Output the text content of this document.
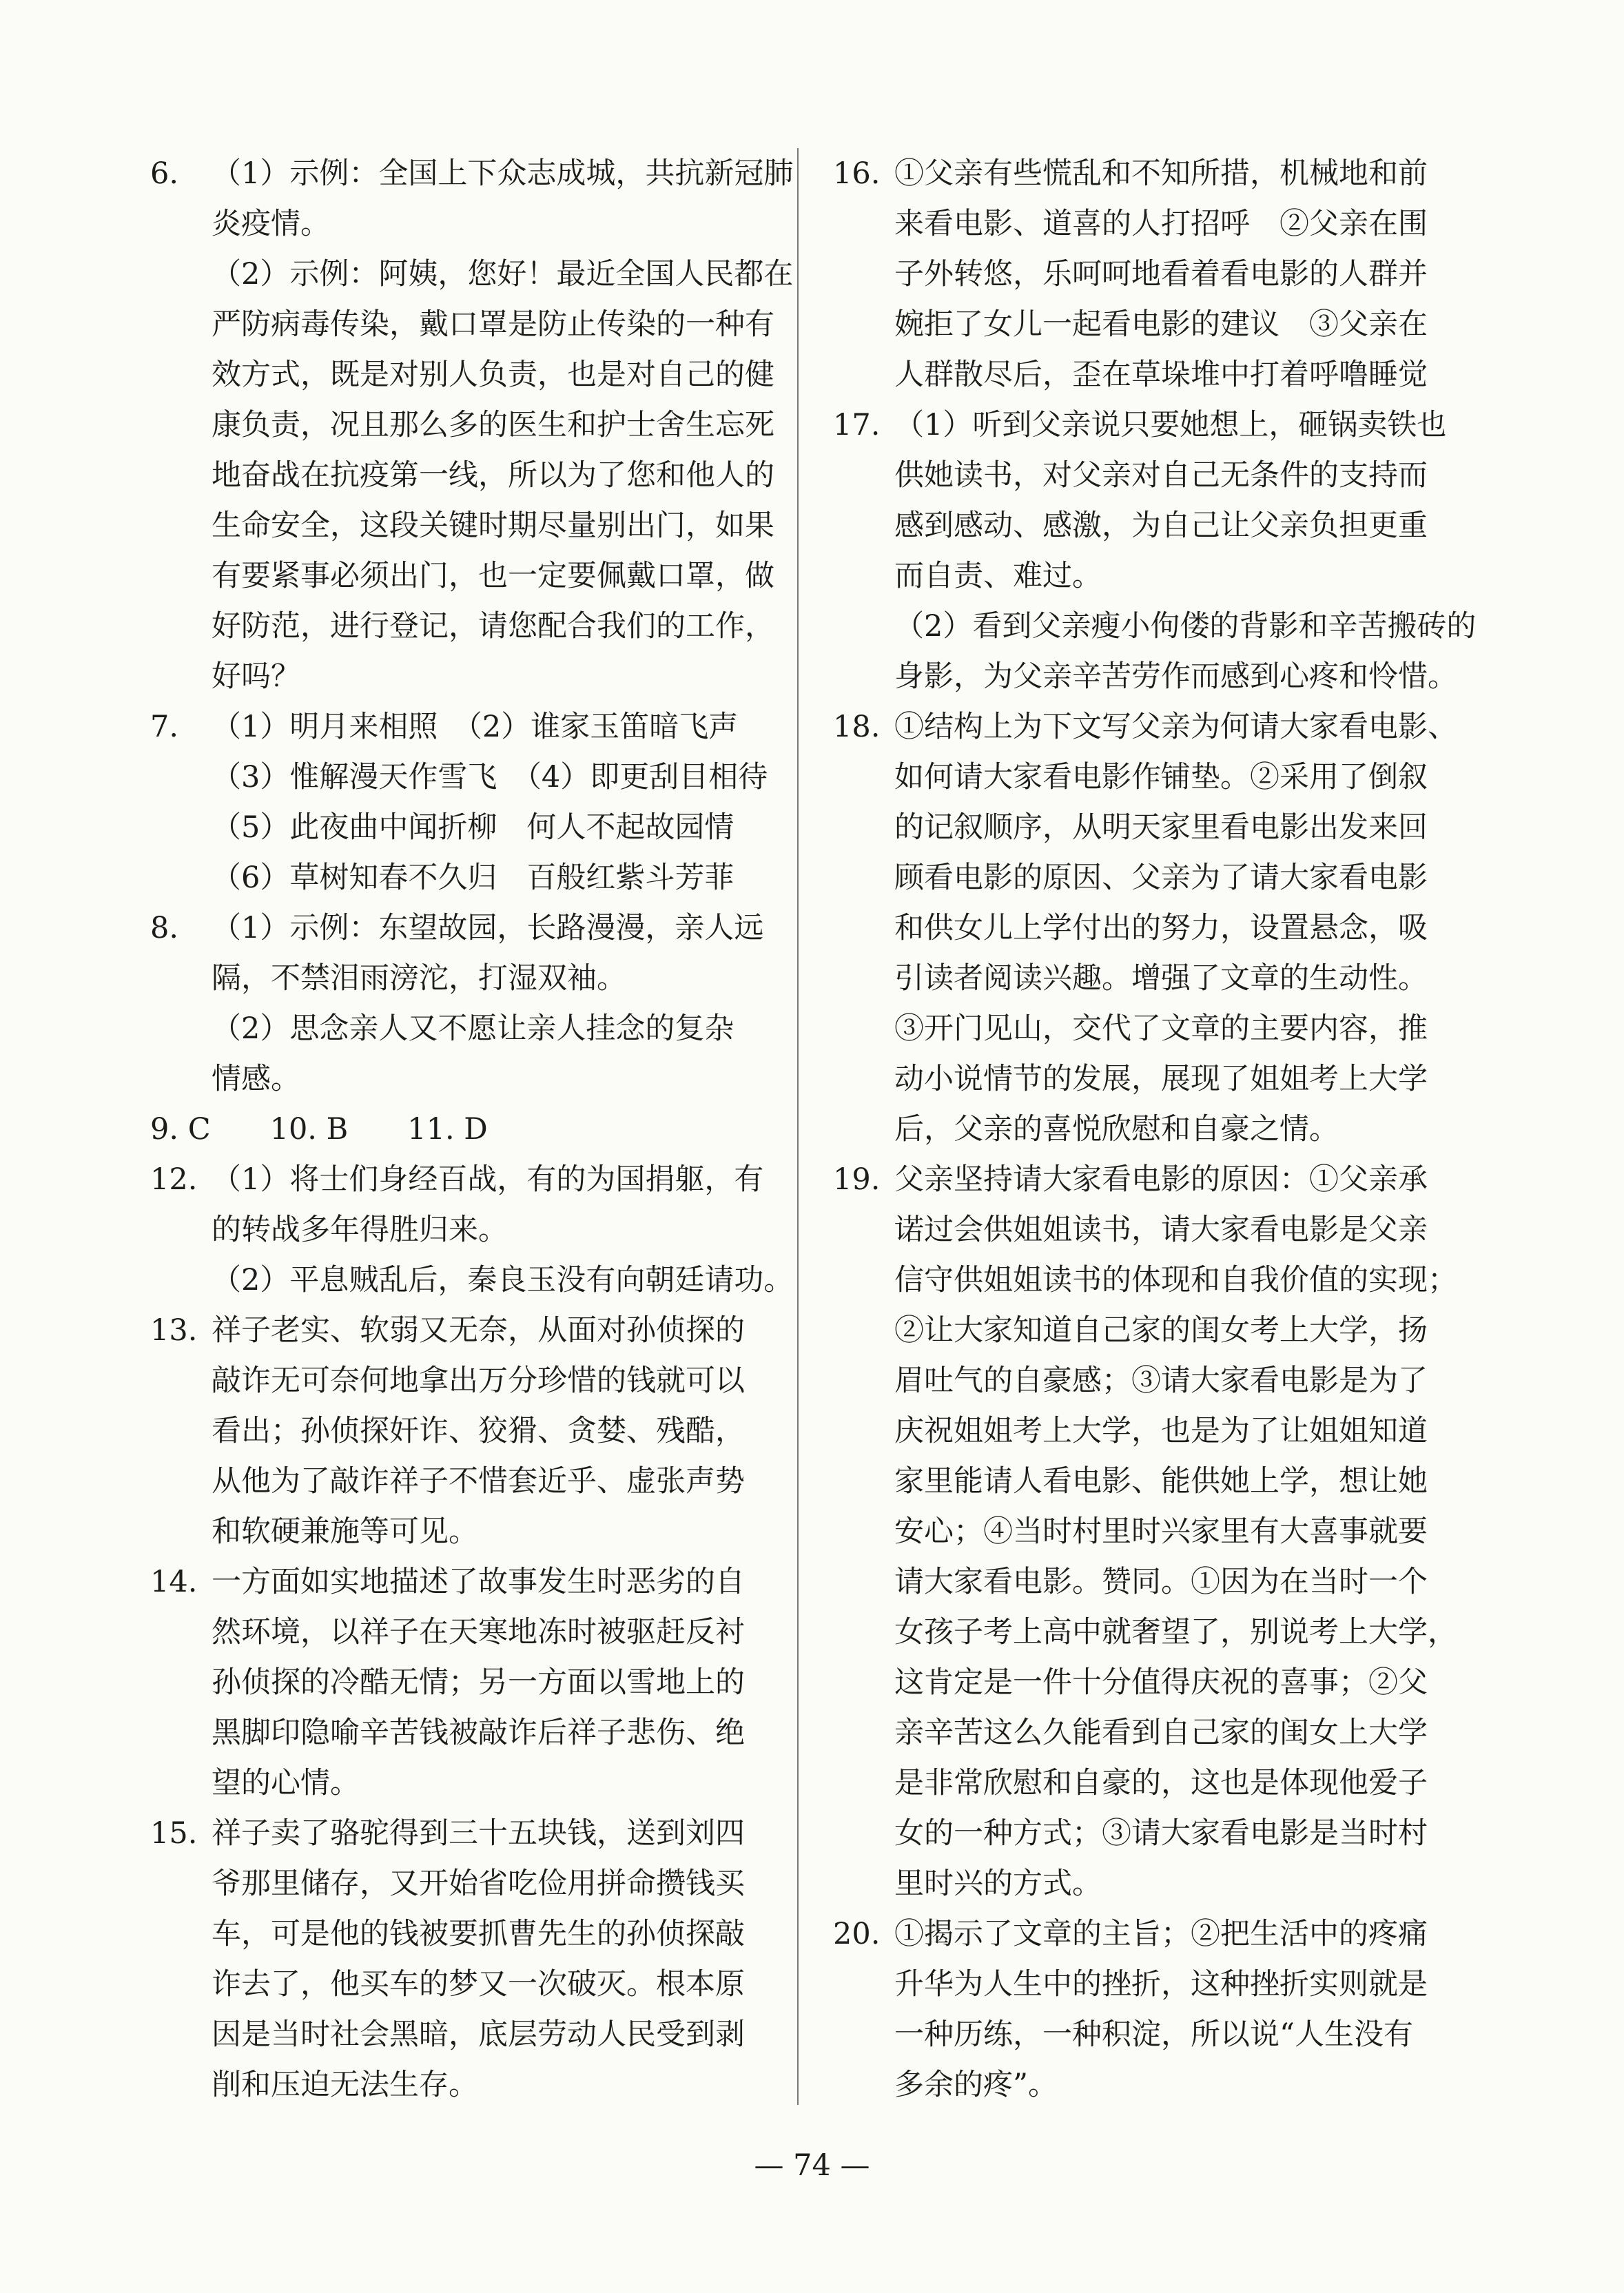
6. （1）示例：全国上下众志成城，共抗新冠肺
炎疫情。
（2）示例：阿姨，您好！最近全国人民都在
严防病毒传染，戴口罩是防止传染的一种有
效方式，既是对别人负责，也是对自己的健
康负责，况且那么多的医生和护士舍生忘死
地奋战在抗疫第一线，所以为了您和他人的
生命安全，这段关键时期尽量别出门，如果
有要紧事必须出门，也一定要佩戴口罩，做
好防范，进行登记，请您配合我们的工作，
好吗？
7. （1）明月来相照　（2）谁家玉笛暗飞声
（3）惟解漫天作雪飞　（4）即更刮目相待
（5）此夜曲中闻折柳　何人不起故园情
（6）草树知春不久归　百般红紫斗芳菲
8. （1）示例：东望故园，长路漫漫，亲人远
隔，不禁泪雨滂沱，打湿双袖。
（2）思念亲人又不愿让亲人挂念的复杂
情感。
9. C　　10. B　　11. D
12. （1）将士们身经百战，有的为国捐躯，有
的转战多年得胜归来。
（2）平息贼乱后，秦良玉没有向朝廷请功。
13. 祥子老实、软弱又无奈，从面对孙侦探的
敲诈无可奈何地拿出万分珍惜的钱就可以
看出；孙侦探奸诈、狡猾、贪婪、残酷，
从他为了敲诈祥子不惜套近乎、虚张声势
和软硬兼施等可见。
14. 一方面如实地描述了故事发生时恶劣的自
然环境，以祥子在天寒地冻时被驱赶反衬
孙侦探的冷酷无情；另一方面以雪地上的
黑脚印隐喻辛苦钱被敲诈后祥子悲伤、绝
望的心情。
15. 祥子卖了骆驼得到三十五块钱，送到刘四
爷那里储存，又开始省吃俭用拼命攒钱买
车，可是他的钱被要抓曹先生的孙侦探敲
诈去了，他买车的梦又一次破灭。根本原
因是当时社会黑暗，底层劳动人民受到剥
削和压迫无法生存。
16. ①父亲有些慌乱和不知所措，机械地和前
来看电影、道喜的人打招呼　②父亲在围
子外转悠，乐呵呵地看着看电影的人群并
婉拒了女儿一起看电影的建议　③父亲在
人群散尽后，歪在草垛堆中打着呼噜睡觉
17. （1）听到父亲说只要她想上，砸锅卖铁也
供她读书，对父亲对自己无条件的支持而
感到感动、感激，为自己让父亲负担更重
而自责、难过。
（2）看到父亲瘦小佝偻的背影和辛苦搬砖的
身影，为父亲辛苦劳作而感到心疼和怜惜。
18. ①结构上为下文写父亲为何请大家看电影、
如何请大家看电影作铺垫。②采用了倒叙
的记叙顺序，从明天家里看电影出发来回
顾看电影的原因、父亲为了请大家看电影
和供女儿上学付出的努力，设置悬念，吸
引读者阅读兴趣。增强了文章的生动性。
③开门见山，交代了文章的主要内容，推
动小说情节的发展，展现了姐姐考上大学
后，父亲的喜悦欣慰和自豪之情。
19. 父亲坚持请大家看电影的原因：①父亲承
诺过会供姐姐读书，请大家看电影是父亲
信守供姐姐读书的体现和自我价值的实现；
②让大家知道自己家的闺女考上大学，扬
眉吐气的自豪感；③请大家看电影是为了
庆祝姐姐考上大学，也是为了让姐姐知道
家里能请人看电影、能供她上学，想让她
安心；④当时村里时兴家里有大喜事就要
请大家看电影。赞同。①因为在当时一个
女孩子考上高中就奢望了，别说考上大学，
这肯定是一件十分值得庆祝的喜事；②父
亲辛苦这么久能看到自己家的闺女上大学
是非常欣慰和自豪的，这也是体现他爱子
女的一种方式；③请大家看电影是当时村
里时兴的方式。
20. ①揭示了文章的主旨；②把生活中的疼痛
升华为人生中的挫折，这种挫折实则就是
一种历练，一种积淀，所以说“人生没有
多余的疼”。
— 74 —
